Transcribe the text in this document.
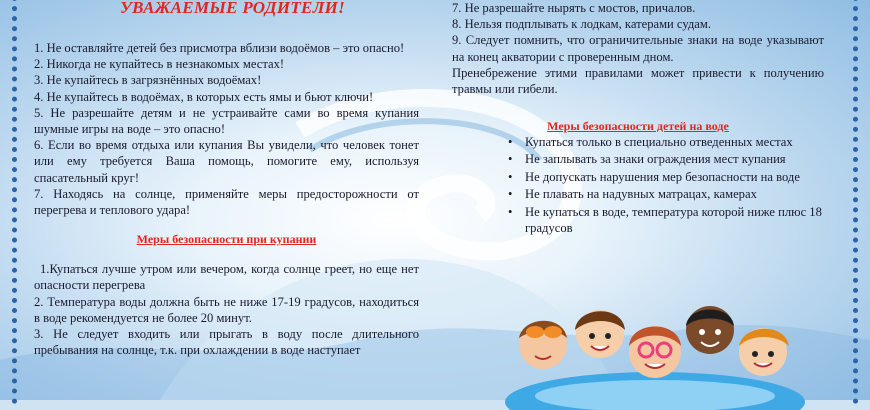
УВАЖАЕМЫЕ РОДИТЕЛИ!

1. Не оставляйте детей без присмотра вблизи водоёмов – это опасно!

2. Никогда не купайтесь в незнакомых местах!

3. Не купайтесь в загрязнённых водоёмах!

4. Не купайтесь в водоёмах, в которых есть ямы и бьют ключи!

5. Не разрешайте детям и не устраивайте сами во время купания шумные игры на воде – это опасно!

6. Если во время отдыха или купания Вы увидели, что человек тонет или ему требуется Ваша помощь, помогите ему, используя спасательный круг!

7. Находясь на солнце, применяйте меры предосторожности от перегрева и теплового удара!

Меры безопасности при купании

1.Купаться лучше утром или вечером, когда солнце греет, но еще нет опасности перегрева

2. Температура воды должна быть не ниже 17-19 градусов, находиться в воде рекомендуется не более 20 минут.

3. Не следует входить или прыгать в воду после длительного пребывания на солнце, т.к. при охлаждении в воде наступает

7. Не разрешайте нырять с мостов, причалов.

8. Нельзя подплывать к лодкам, катерами судам.

9. Следует помнить, что ограничительные знаки на воде указывают на конец акватории с проверенным дном.

Пренебрежение этими правилами может привести к получению травмы или гибели.

Меры безопасности детей на воде
• Купаться только в специально отведенных местах
• Не заплывать за знаки ограждения мест купания
• Не допускать нарушения мер безопасности на воде
• Не плавать на надувных матрацах, камерах
• Не купаться в воде, температура которой ниже плюс 18 градусов
